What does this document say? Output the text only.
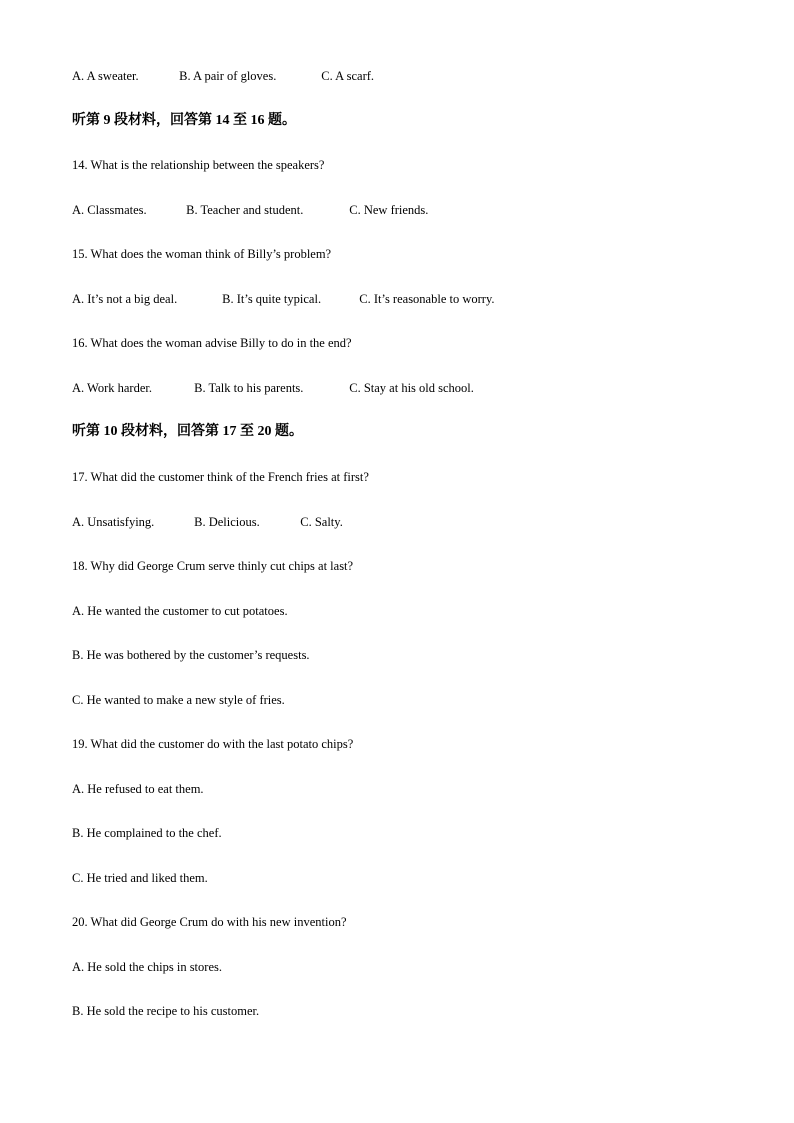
A. A sweater.	B. A pair of gloves.	C. A scarf.
听第 9 段材料，回答第 14 至 16 题。
14. What is the relationship between the speakers?
A. Classmates.	B. Teacher and student.	C. New friends.
15. What does the woman think of Billy’s problem?
A. It’s not a big deal.	B. It’s quite typical.	C. It’s reasonable to worry.
16. What does the woman advise Billy to do in the end?
A. Work harder.	B. Talk to his parents.	C. Stay at his old school.
听第 10 段材料，回答第 17 至 20 题。
17. What did the customer think of the French fries at first?
A. Unsatisfying.	B. Delicious.	C. Salty.
18. Why did George Crum serve thinly cut chips at last?
A. He wanted the customer to cut potatoes.
B. He was bothered by the customer’s requests.
C. He wanted to make a new style of fries.
19. What did the customer do with the last potato chips?
A. He refused to eat them.
B. He complained to the chef.
C. He tried and liked them.
20. What did George Crum do with his new invention?
A. He sold the chips in stores.
B. He sold the recipe to his customer.
